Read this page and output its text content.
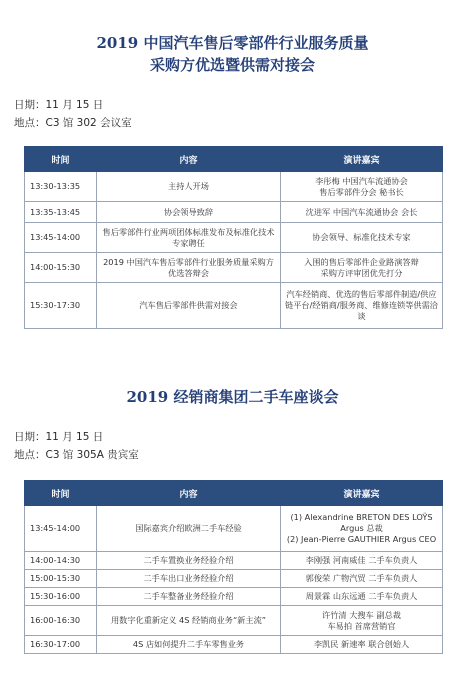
2019 中国汽车售后零部件行业服务质量
采购方优选暨供需对接会
日期：11 月 15 日
地点：C3 馆 302 会议室
时间	内容	演讲嘉宾
13:30-13:35	主持人开场	李彤梅 中国汽车流通协会
售后零部件分会 秘书长
13:35-13:45	协会领导致辞	沈进军 中国汽车流通协会 会长
13:45-14:00	售后零部件行业两项团体标准发布及标准化技术专家聘任	协会领导、标准化技术专家
14:00-15:30	2019 中国汽车售后零部件行业服务质量采购方优选答辩会	入围的售后零部件企业路演答辩
采购方评审团优先打分
15:30-17:30	汽车售后零部件供需对接会	汽车经销商、优选的售后零部件制造/供应链平台/经销商/服务商、维修连锁等供需洽谈
2019 经销商集团二手车座谈会
日期：11 月 15 日
地点：C3 馆 305A 贵宾室
时间	内容	演讲嘉宾
13:45-14:00	国际嘉宾介绍欧洲二手车经验	(1) Alexandrine BRETON DES LOŸS Argus 总裁
(2) Jean-Pierre GAUTHIER Argus CEO
14:00-14:30	二手车置换业务经验介绍	李刚强 河南威佳 二手车负责人
15:00-15:30	二手车出口业务经验介绍	郭俊荣 广物汽贸 二手车负责人
15:30-16:00	二手车整备业务经验介绍	周景霖 山东远通 二手车负责人
16:00-16:30	用数字化重新定义 4S 经销商业务“新主流”	许竹清 大搜车 副总裁
车易拍 首席营销官
16:30-17:00	4S 店如何提升二手车零售业务	李凯民 新速率 联合创始人
